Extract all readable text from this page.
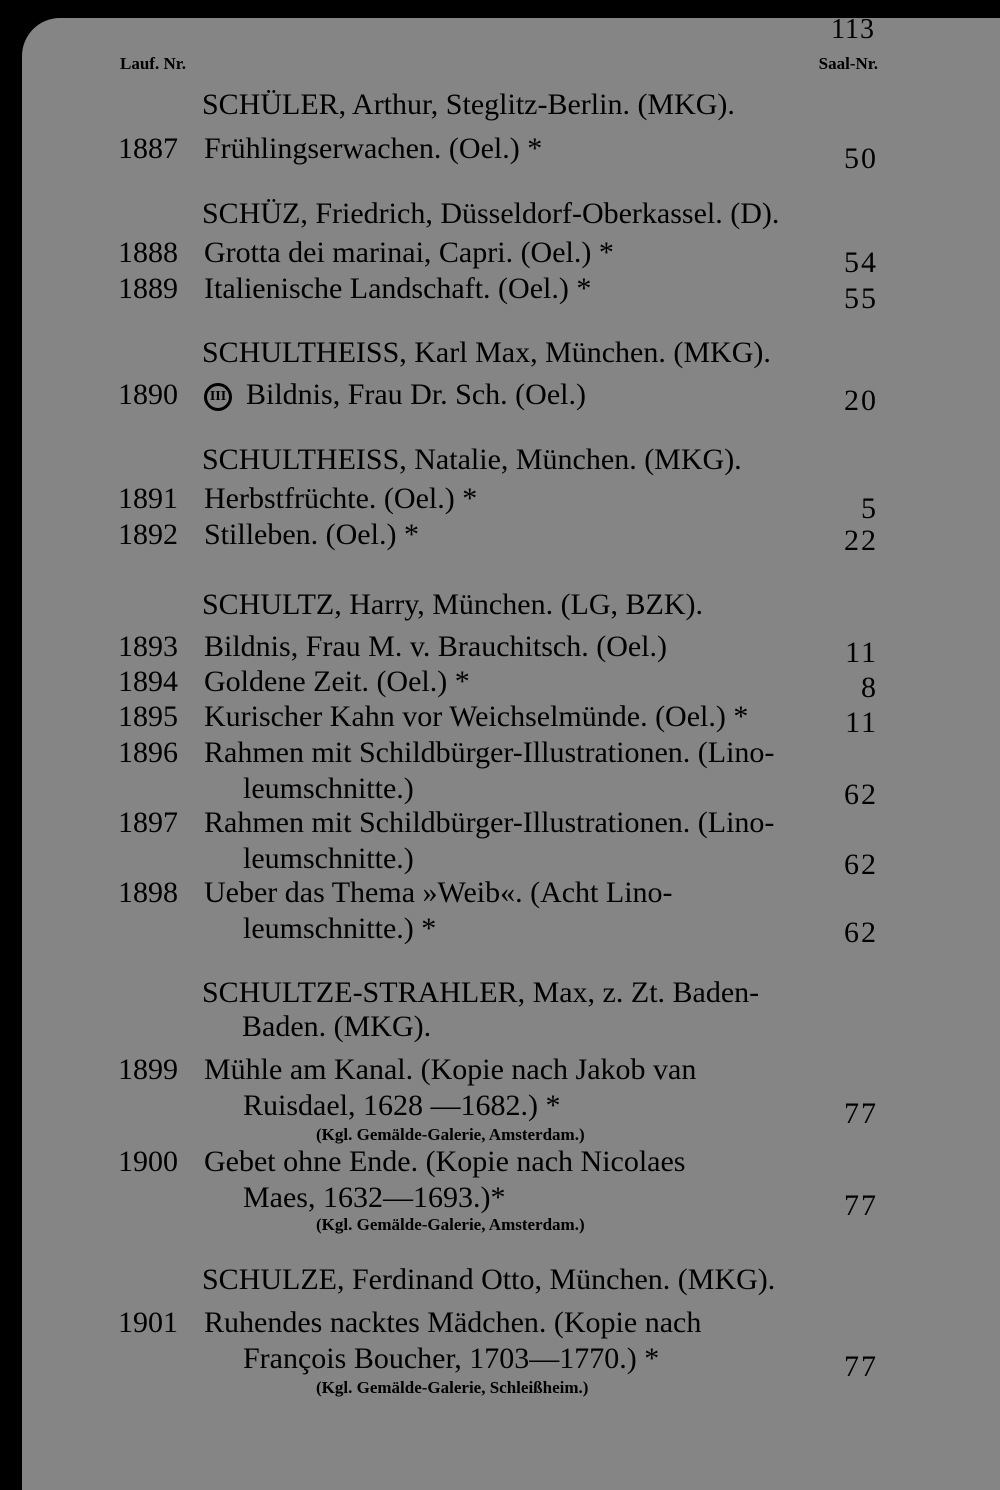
113
Lauf. Nr.	Saal-Nr.
SCHÜLER, Arthur, Steglitz-Berlin. (MKG).
SCHÜZ, Friedrich, Düsseldorf-Oberkassel. (D).
SCHULTHEISS, Karl Max, München. (MKG).
SCHULTHEISS, Natalie, München. (MKG).
SCHULTZ, Harry, München. (LG, BZK).
SCHULTZE-STRAHLER, Max, z. Zt. Baden-
Baden. (MKG).
SCHULZE, Ferdinand Otto, München. (MKG).
1887 Frühlingserwachen. (Oel.) *	50
1888 Grotta dei marinai, Capri. (Oel.) *	54
1889 Italienische Landschaft. (Oel.) *	55
1890	III Bildnis, Frau Dr. Sch. (Oel.)	20
1891 Herbstfrüchte. (Oel.) *	5
1892 Stilleben. (Oel.) *	22
1893 Bildnis, Frau M. v. Brauchitsch. (Oel.)	11
1894 Goldene Zeit. (Oel.) *	8
1895 Kurischer Kahn vor Weichselmünde. (Oel.) *	11
1896 Rahmen mit Schildbürger-Illustrationen. (Lino-
leumschnitte.)	62
1897 Rahmen mit Schildbürger-Illustrationen. (Lino-
leumschnitte.)	62
1898 Ueber das Thema »Weib«. (Acht Lino-
leumschnitte.) *	62
1899 Mühle am Kanal. (Kopie nach Jakob van
Ruisdael, 1628 —1682.) *	77
(Kgl. Gemälde-Galerie, Amsterdam.)
1900 Gebet ohne Ende. (Kopie nach Nicolaes
Maes, 1632—1693.)*	77
(Kgl. Gemälde-Galerie, Amsterdam.)
1901 Ruhendes nacktes Mädchen. (Kopie nach
François Boucher, 1703—1770.) *	77
(Kgl. Gemälde-Galerie, Schleißheim.)
